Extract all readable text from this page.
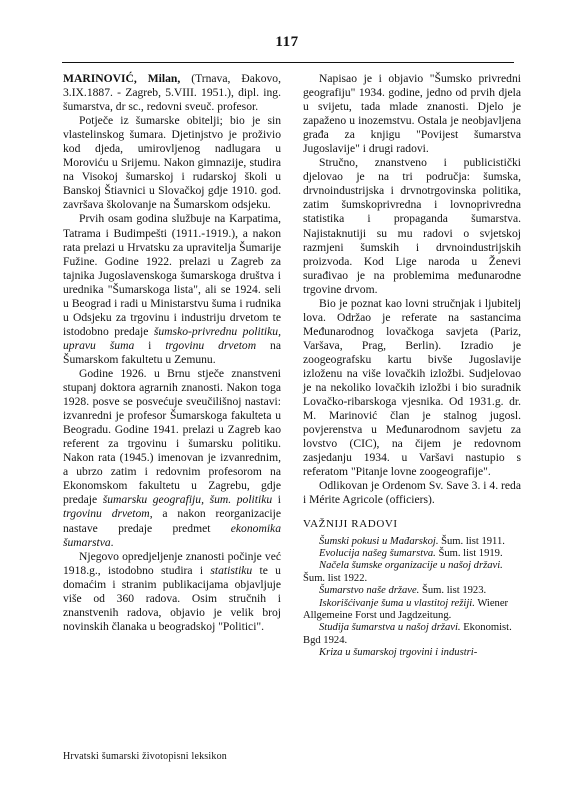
117

MARINOVIĆ, Milan, (Trnava, Đakovo, 3.IX.1887. - Zagreb, 5.VIII. 1951.), dipl. ing. šumarstva, dr sc., redovni sveuč. profesor.

Potječe iz šumarske obitelji; bio je sin vlastelinskog šumara. Djetinjstvo je proživio kod djeda, umirovljenog nadlugara u Moroviću u Srijemu. Nakon gimnazije, studira na Visokoj šumarskoj i rudarskoj školi u Banskoj Štiavnici u Slovačkoj gdje 1910. god. završava školovanje na Šumarskom odsjeku.

Prvih osam godina službuje na Karpatima, Tatrama i Budimpešti (1911.-1919.), a nakon rata prelazi u Hrvatsku za upravitelja Šumarije Fužine. Godine 1922. prelazi u Zagreb za tajnika Jugoslavenskoga šumarskoga društva i urednika "Šumarskoga lista", ali se 1924. seli u Beograd i radi u Ministarstvu šuma i rudnika u Odsjeku za trgovinu i industriju drvetom te istodobno predaje šumsko-privrednu politiku, upravu šuma i trgovinu drvetom na Šumarskom fakultetu u Zemunu.

Godine 1926. u Brnu stječe znanstveni stupanj doktora agrarnih znanosti. Nakon toga 1928. posve se posvećuje sveučilišnoj nastavi: izvanredni je profesor Šumarskoga fakulteta u Beogradu. Godine 1941. prelazi u Zagreb kao referent za trgovinu i šumarsku politiku. Nakon rata (1945.) imenovan je izvanrednim, a ubrzo zatim i redovnim profesorom na Ekonomskom fakultetu u Zagrebu, gdje predaje šumarsku geografiju, šum. politiku i trgovinu drvetom, a nakon reorganizacije nastave predaje predmet ekonomika šumarstva.

Njegovo opredjeljenje znanosti počinje već 1918.g., istodobno studira i statistiku te u domaćim i stranim publikacijama objavljuje više od 360 radova. Osim stručnih i znanstvenih radova, objavio je velik broj novinskih članaka u beogradskoj "Politici".

Napisao je i objavio "Šumsko privredni geografiju" 1934. godine, jedno od prvih djela u svijetu, tada mlade znanosti. Djelo je zapaženo u inozemstvu. Ostala je neobjavljena građa za knjigu "Povijest šumarstva Jugoslavije" i drugi radovi.

Stručno, znanstveno i publicistički djelovao je na tri područja: šumska, drvnoindustrijska i drvnotrgovinska politika, zatim šumskoprivredna i lovnoprivredna statistika i propaganda šumarstva. Najistaknutiji su mu radovi o svjetskoj razmjeni šumskih i drvnoindustrijskih proizvoda. Kod Lige naroda u Ženevi surađivao je na problemima međunarodne trgovine drvom.

Bio je poznat kao lovni stručnjak i ljubitelj lova. Održao je referate na sastancima Međunarodnog lovačkoga savjeta (Pariz, Varšava, Prag, Berlin). Izradio je zoogeografsku kartu bivše Jugoslavije izloženu na više lovačkih izložbi. Sudjelovao je na nekoliko lovačkih izložbi i bio suradnik Lovačko-ribarskoga vjesnika. Od 1931.g. dr. M. Marinović član je stalnog jugosl. povjerenstva u Međunarodnom savjetu za lovstvo (CIC), na čijem je redovnom zasjedanju 1934. u Varšavi nastupio s referatom "Pitanje lovne zoogeografije".

Odlikovan je Ordenom Sv. Save 3. i 4. reda i Mérite Agricole (officiers).

VAŽNIJI RADOVI

Šumski pokusi u Mađarskoj. Šum. list 1911.

Evolucija našeg šumarstva. Šum. list 1919.

Načela šumske organizacije u našoj državi. Šum. list 1922.

Šumarstvo naše države. Šum. list 1923.

Iskorišćivanje šuma u vlastitoj režiji. Wiener Allgemeine Forst und Jagdzeitung.

Studija šumarstva u našoj državi. Ekonomist. Bgd 1924.

Kriza u šumarskoj trgovini i industri-

Hrvatski šumarski životopisni leksikon
